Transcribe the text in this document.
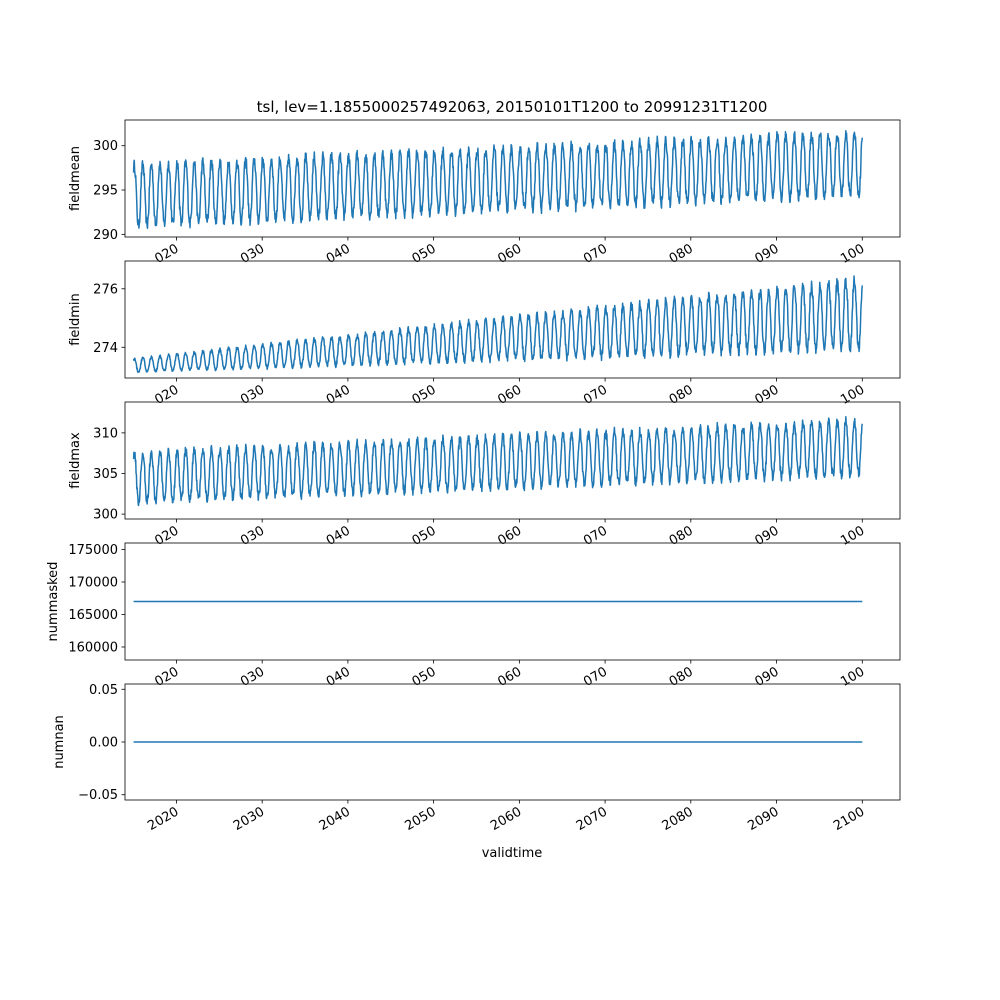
tsl, lev=1.1855000257492063, 20150101T1200 to 20991231T1200
290
295
300
fieldmean
020	030	040	050	060	070	080	090	100
274
276
fieldmin
020	030	040	050	060	070	080	090	100
300
305
310
fieldmax
020	030	040	050	060	070	080	090	100
160000
165000
170000
175000
nummasked
020	030	040	050	060	070	080	090	100
−0.05
0.00
0.05
numnan
2020	2030	2040	2050	2060	2070	2080	2090	2100
validtime
